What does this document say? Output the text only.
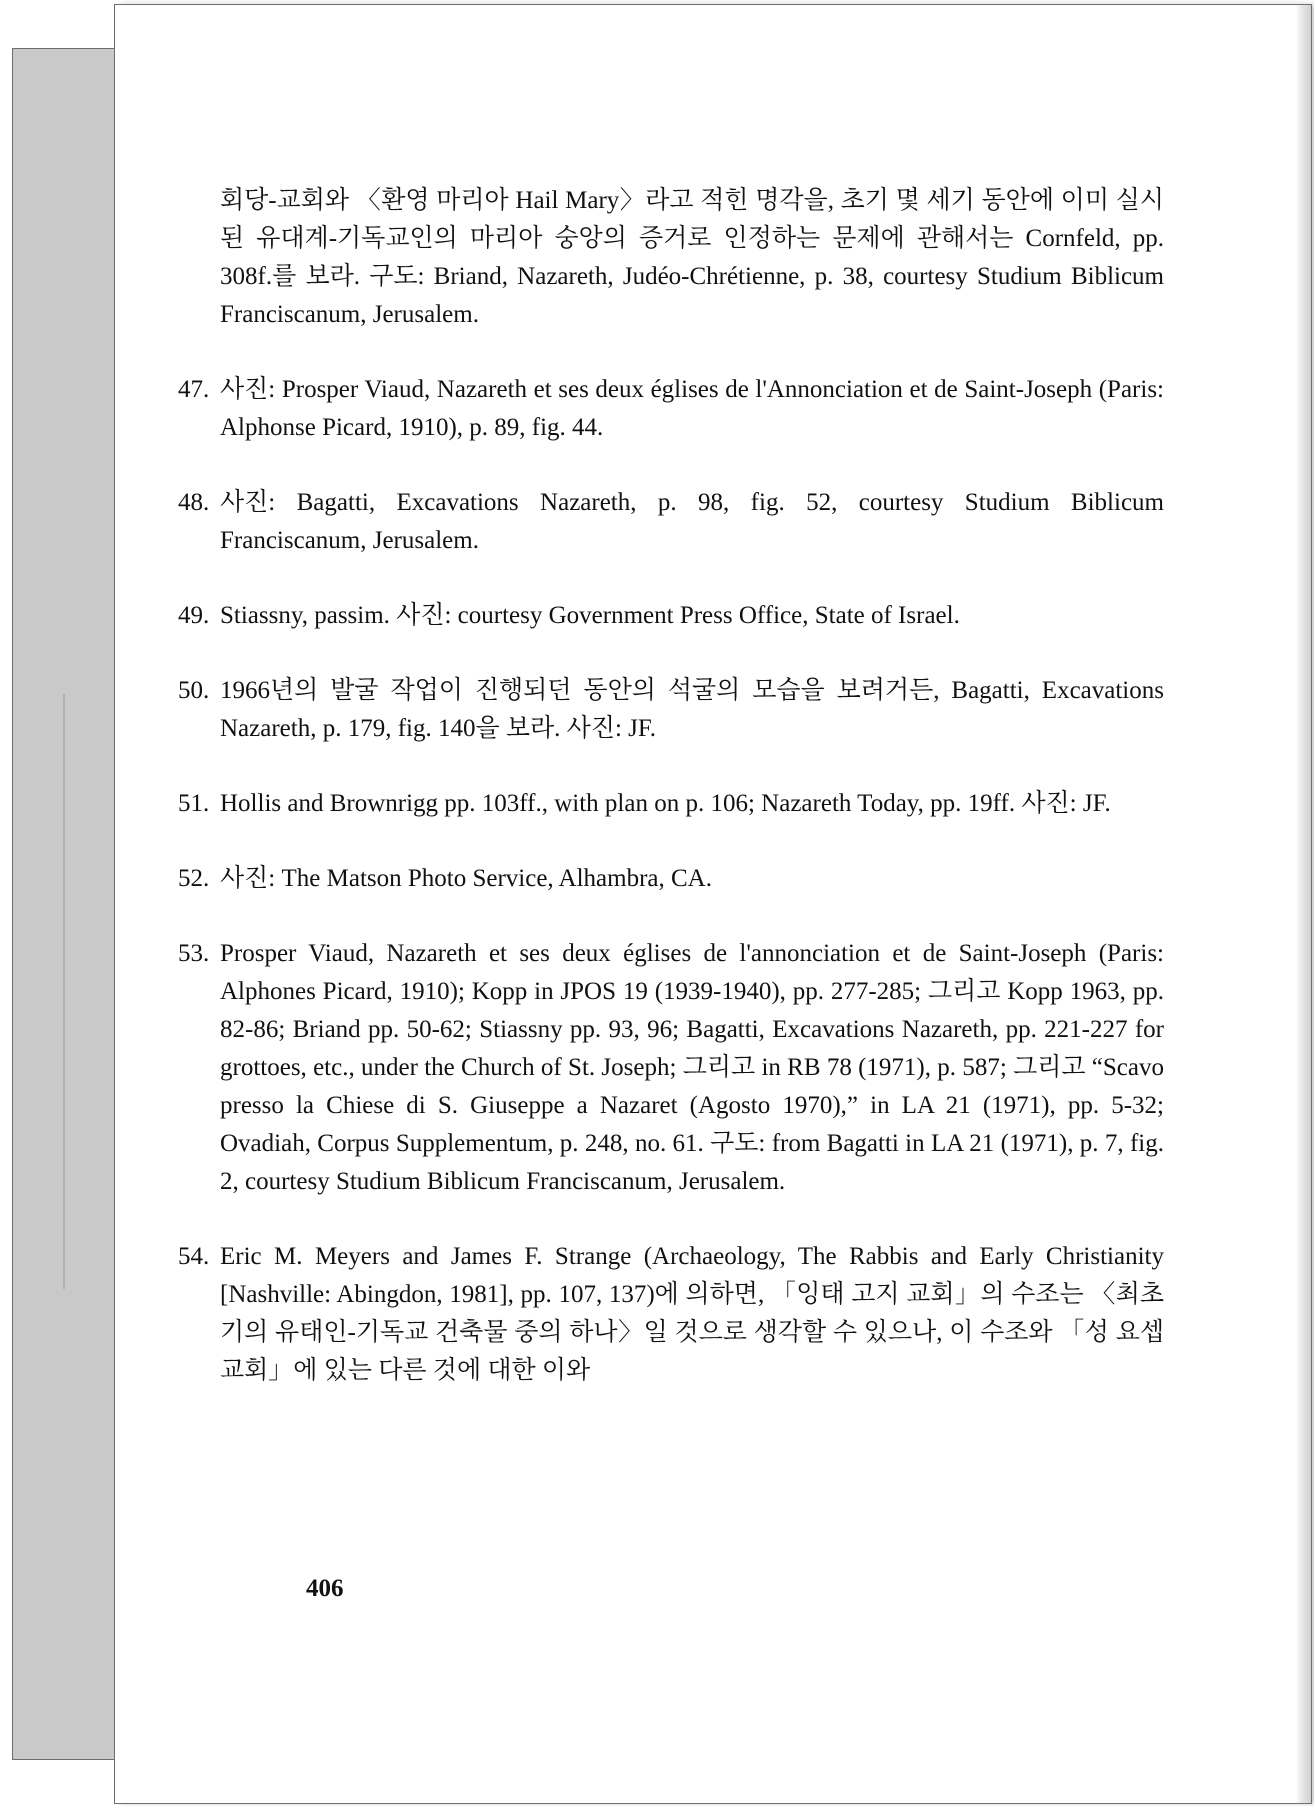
회당-교회와 〈환영 마리아 Hail Mary〉라고 적힌 명각을, 초기 몇 세기 동안에 이미 실시된 유대계-기독교인의 마리아 숭앙의 증거로 인정하는 문제에 관해서는 Cornfeld, pp. 308f.를 보라. 구도: Briand, Nazareth, Judéo-Chrétienne, p. 38, courtesy Studium Biblicum Franciscanum, Jerusalem.
47. 사진: Prosper Viaud, Nazareth et ses deux églises de l'Annonciation et de Saint-Joseph (Paris: Alphonse Picard, 1910), p. 89, fig. 44.
48. 사진: Bagatti, Excavations Nazareth, p. 98, fig. 52, courtesy Studium Biblicum Franciscanum, Jerusalem.
49. Stiassny, passim. 사진: courtesy Government Press Office, State of Israel.
50. 1966년의 발굴 작업이 진행되던 동안의 석굴의 모습을 보려거든, Bagatti, Excavations Nazareth, p. 179, fig. 140을 보라. 사진: JF.
51. Hollis and Brownrigg pp. 103ff., with plan on p. 106; Nazareth Today, pp. 19ff. 사진: JF.
52. 사진: The Matson Photo Service, Alhambra, CA.
53. Prosper Viaud, Nazareth et ses deux églises de l'annonciation et de Saint-Joseph (Paris: Alphones Picard, 1910); Kopp in JPOS 19 (1939-1940), pp. 277-285; 그리고 Kopp 1963, pp. 82-86; Briand pp. 50-62; Stiassny pp. 93, 96; Bagatti, Excavations Nazareth, pp. 221-227 for grottoes, etc., under the Church of St. Joseph; 그리고 in RB 78 (1971), p. 587; 그리고 “Scavo presso la Chiese di S. Giuseppe a Nazaret (Agosto 1970),” in LA 21 (1971), pp. 5-32; Ovadiah, Corpus Supplementum, p. 248, no. 61. 구도: from Bagatti in LA 21 (1971), p. 7, fig. 2, courtesy Studium Biblicum Franciscanum, Jerusalem.
54. Eric M. Meyers and James F. Strange (Archaeology, The Rabbis and Early Christianity [Nashville: Abingdon, 1981], pp. 107, 137)에 의하면, 「잉태 고지 교회」의 수조는 〈최초기의 유태인-기독교 건축물 중의 하나〉일 것으로 생각할 수 있으나, 이 수조와 「성 요셉 교회」에 있는 다른 것에 대한 이와
406
